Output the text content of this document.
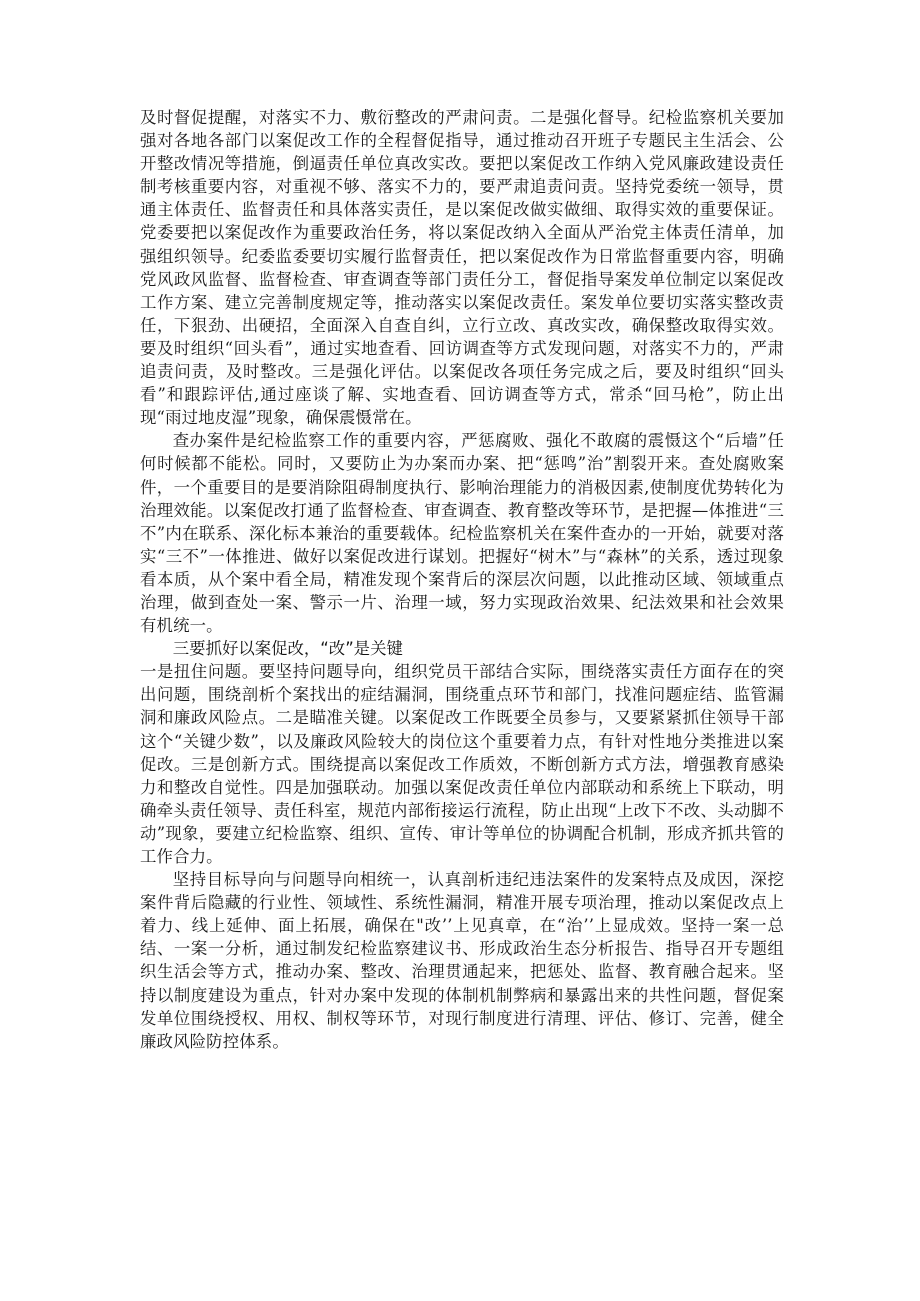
及时督促提醒，对落实不力、敷衍整改的严肃问责。二是强化督导。纪检监察机关要加强对各地各部门以案促改工作的全程督促指导，通过推动召开班子专题民主生活会、公开整改情况等措施，倒逼责任单位真改实改。要把以案促改工作纳入党风廉政建设责任制考核重要内容，对重视不够、落实不力的，要严肃追责问责。坚持党委统一领导，贯通主体责任、监督责任和具体落实责任，是以案促改做实做细、取得实效的重要保证。党委要把以案促改作为重要政治任务，将以案促改纳入全面从严治党主体责任清单，加强组织领导。纪委监委要切实履行监督责任，把以案促改作为日常监督重要内容，明确党风政风监督、监督检查、审查调查等部门责任分工，督促指导案发单位制定以案促改工作方案、建立完善制度规定等，推动落实以案促改责任。案发单位要切实落实整改责任，下狠劲、出硬招，全面深入自查自纠，立行立改、真改实改，确保整改取得实效。要及时组织“回头看”，通过实地查看、回访调查等方式发现问题，对落实不力的，严肃追责问责，及时整改。三是强化评估。以案促改各项任务完成之后，要及时组织“回头看”和跟踪评估,通过座谈了解、实地查看、回访调查等方式，常杀“回马枪”，防止出现“雨过地皮湿”现象，确保震慑常在。

查办案件是纪检监察工作的重要内容，严惩腐败、强化不敢腐的震慑这个“后墙”任何时候都不能松。同时，又要防止为办案而办案、把“惩鸣”治”割裂开来。查处腐败案件，一个重要目的是要消除阻碍制度执行、影响治理能力的消极因素,使制度优势转化为治理效能。以案促改打通了监督检查、审查调查、教育整改等环节，是把握—体推进“三不”内在联系、深化标本兼治的重要载体。纪检监察机关在案件查办的一开始，就要对落实“三不”一体推进、做好以案促改进行谋划。把握好“树木”与“森林”的关系，透过现象看本质，从个案中看全局，精准发现个案背后的深层次问题，以此推动区域、领域重点治理，做到查处一案、警示一片、治理一域，努力实现政治效果、纪法效果和社会效果有机统一。

三要抓好以案促改，“改”是关键

一是扭住问题。要坚持问题导向，组织党员干部结合实际，围绕落实责任方面存在的突出问题，围绕剖析个案找出的症结漏洞，围绕重点环节和部门，找准问题症结、监管漏洞和廉政风险点。二是瞄准关键。以案促改工作既要全员参与，又要紧紧抓住领导干部这个“关键少数”，以及廉政风险较大的岗位这个重要着力点，有针对性地分类推进以案促改。三是创新方式。围绕提高以案促改工作质效，不断创新方式方法，增强教育感染力和整改自觉性。四是加强联动。加强以案促改责任单位内部联动和系统上下联动，明确牵头责任领导、责任科室，规范内部衔接运行流程，防止出现“上改下不改、头动脚不动”现象，要建立纪检监察、组织、宣传、审计等单位的协调配合机制，形成齐抓共管的工作合力。

坚持目标导向与问题导向相统一，认真剖析违纪违法案件的发案特点及成因，深挖案件背后隐藏的行业性、领域性、系统性漏洞，精准开展专项治理，推动以案促改点上着力、线上延伸、面上拓展，确保在"改’’上见真章，在“治’’上显成效。坚持一案一总结、一案一分析，通过制发纪检监察建议书、形成政治生态分析报告、指导召开专题组织生活会等方式，推动办案、整改、治理贯通起来，把惩处、监督、教育融合起来。坚持以制度建设为重点，针对办案中发现的体制机制弊病和暴露出来的共性问题，督促案发单位围绕授权、用权、制权等环节，对现行制度进行清理、评估、修订、完善，健全廉政风险防控体系。
